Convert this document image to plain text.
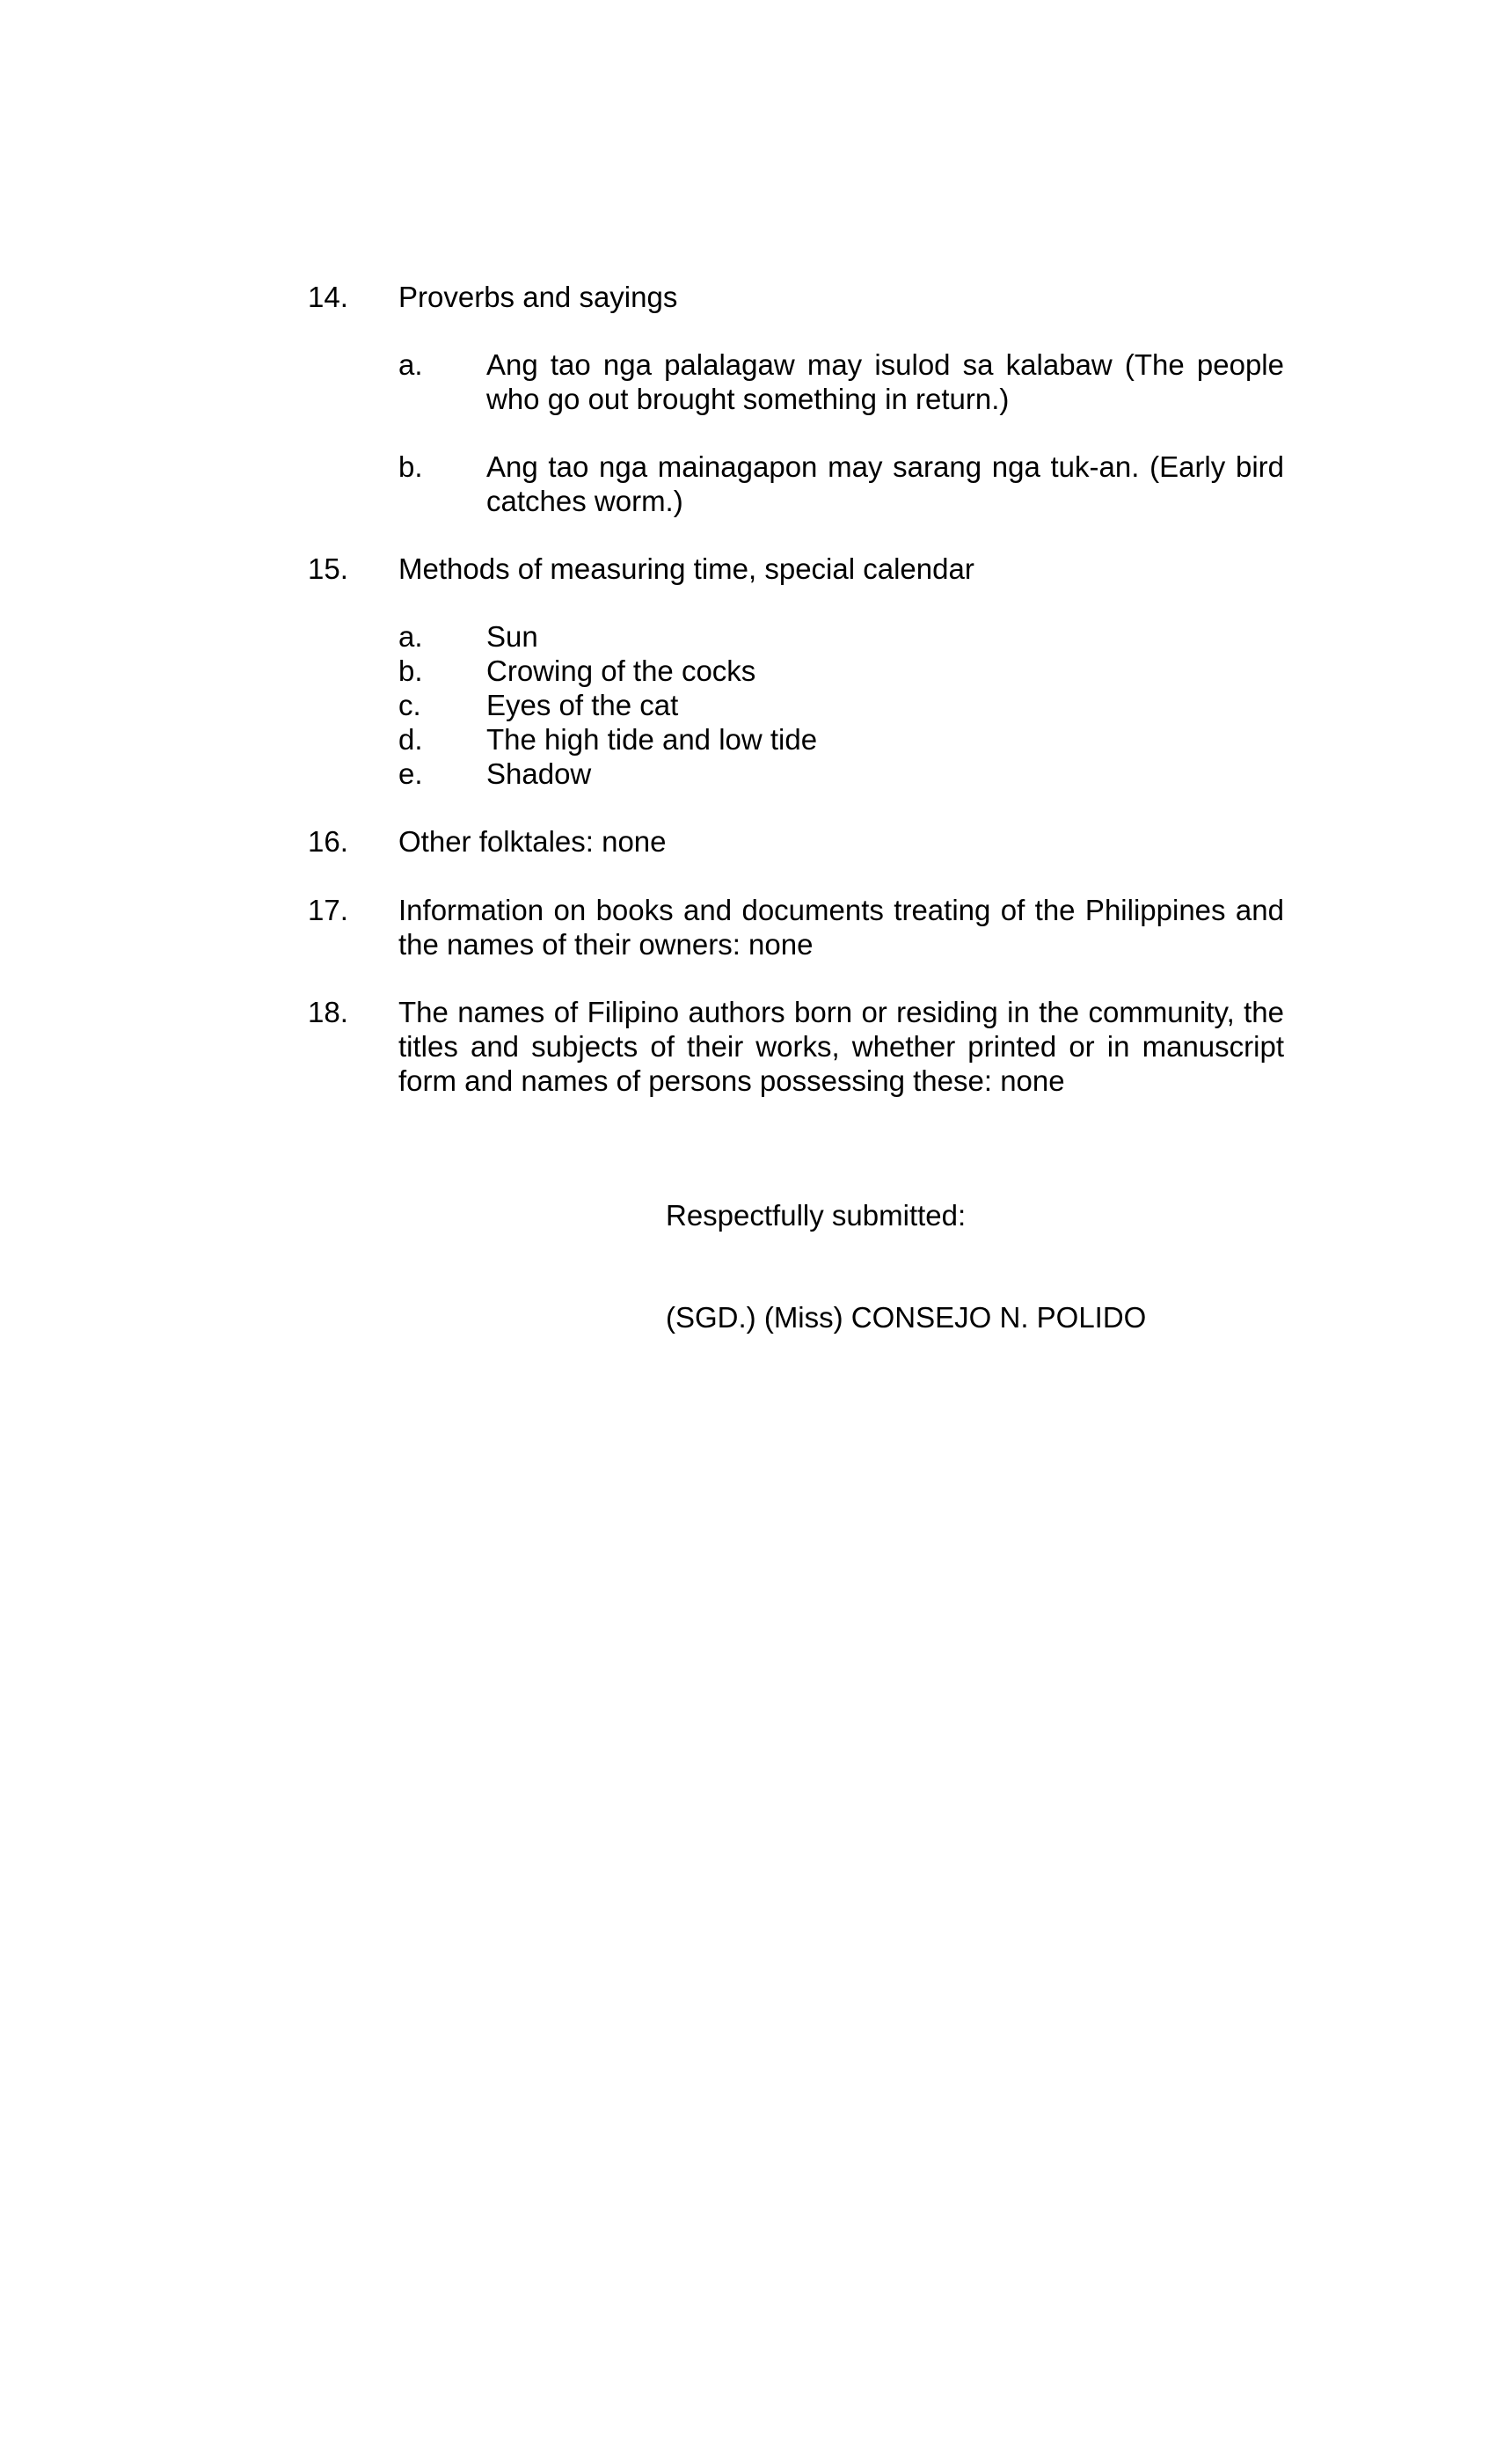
14.	Proverbs and sayings
a.	Ang tao nga palalagaw may isulod sa kalabaw (The people who go out brought something in return.)
b.	Ang tao nga mainagapon may sarang nga tuk-an. (Early bird catches worm.)
15.	Methods of measuring time, special calendar
a.	Sun
b.	Crowing of the cocks
c.	Eyes of the cat
d.	The high tide and low tide
e.	Shadow
16.	Other folktales: none
17.	Information on books and documents treating of the Philippines and the names of their owners: none
18.	The names of Filipino authors born or residing in the community, the titles and subjects of their works, whether printed or in manuscript form and names of persons possessing these: none
Respectfully submitted:
(SGD.) (Miss) CONSEJO N. POLIDO
